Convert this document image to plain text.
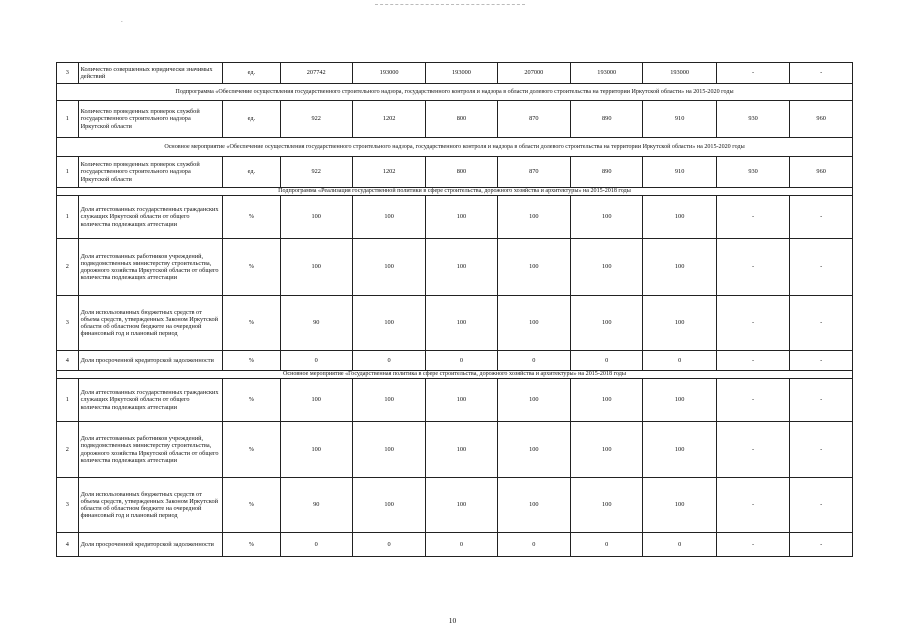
3	Количество совершенных юридически значимых действий	ед.	207742	193000	193000	207000	193000	193000	-	-
Подпрограмма «Обеспечение осуществления государственного строительного надзора, государственного контроля и надзора в области долевого строительства на территории Иркутской области» на 2015-2020 годы										
1	Количество проведенных проверок службой государственного строительного надзора Иркутской области	ед.	922	1202	800	870	890	910	930	960
Основное мероприятие «Обеспечение осуществления государственного строительного надзора, государственного контроля и надзора в области долевого строительства на территории Иркутской области» на 2015-2020 годы										
1	Количество проведенных проверок службой государственного строительного надзора Иркутской области	ед.	922	1202	800	870	890	910	930	960
Подпрограмма «Реализация государственной политики в сфере строительства, дорожного хозяйства и архитектуры» на 2015-2018 годы										
1	Доля аттестованных государственных гражданских служащих Иркутской области от общего количества подлежащих аттестации	%	100	100	100	100	100	100	-	-
2	Доля аттестованных работников учреждений, подведомственных министерству строительства, дорожного хозяйства Иркутской области от общего количества подлежащих аттестации	%	100	100	100	100	100	100	-	-
3	Доля использованных бюджетных средств от объема средств, утвержденных Законом Иркутской области об областном бюджете на очередной финансовый год и плановый период	%	90	100	100	100	100	100	-	-
4	Доля просроченной кредиторской задолженности	%	0	0	0	0	0	0	-	-
Основное мероприятие «Государственная политика в сфере строительства, дорожного хозяйства и архитектуры» на 2015-2018 годы										
1	Доля аттестованных государственных гражданских служащих Иркутской области от общего количества подлежащих аттестации	%	100	100	100	100	100	100	-	-
2	Доля аттестованных работников учреждений, подведомственных министерству строительства, дорожного хозяйства Иркутской области от общего количества подлежащих аттестации	%	100	100	100	100	100	100	-	-
3	Доля использованных бюджетных средств от объема средств, утвержденных Законом Иркутской области об областном бюджете на очередной финансовый год и плановый период	%	90	100	100	100	100	100	-	-
4	Доля просроченной кредиторской задолженности	%	0	0	0	0	0	0	-	-
10
.
